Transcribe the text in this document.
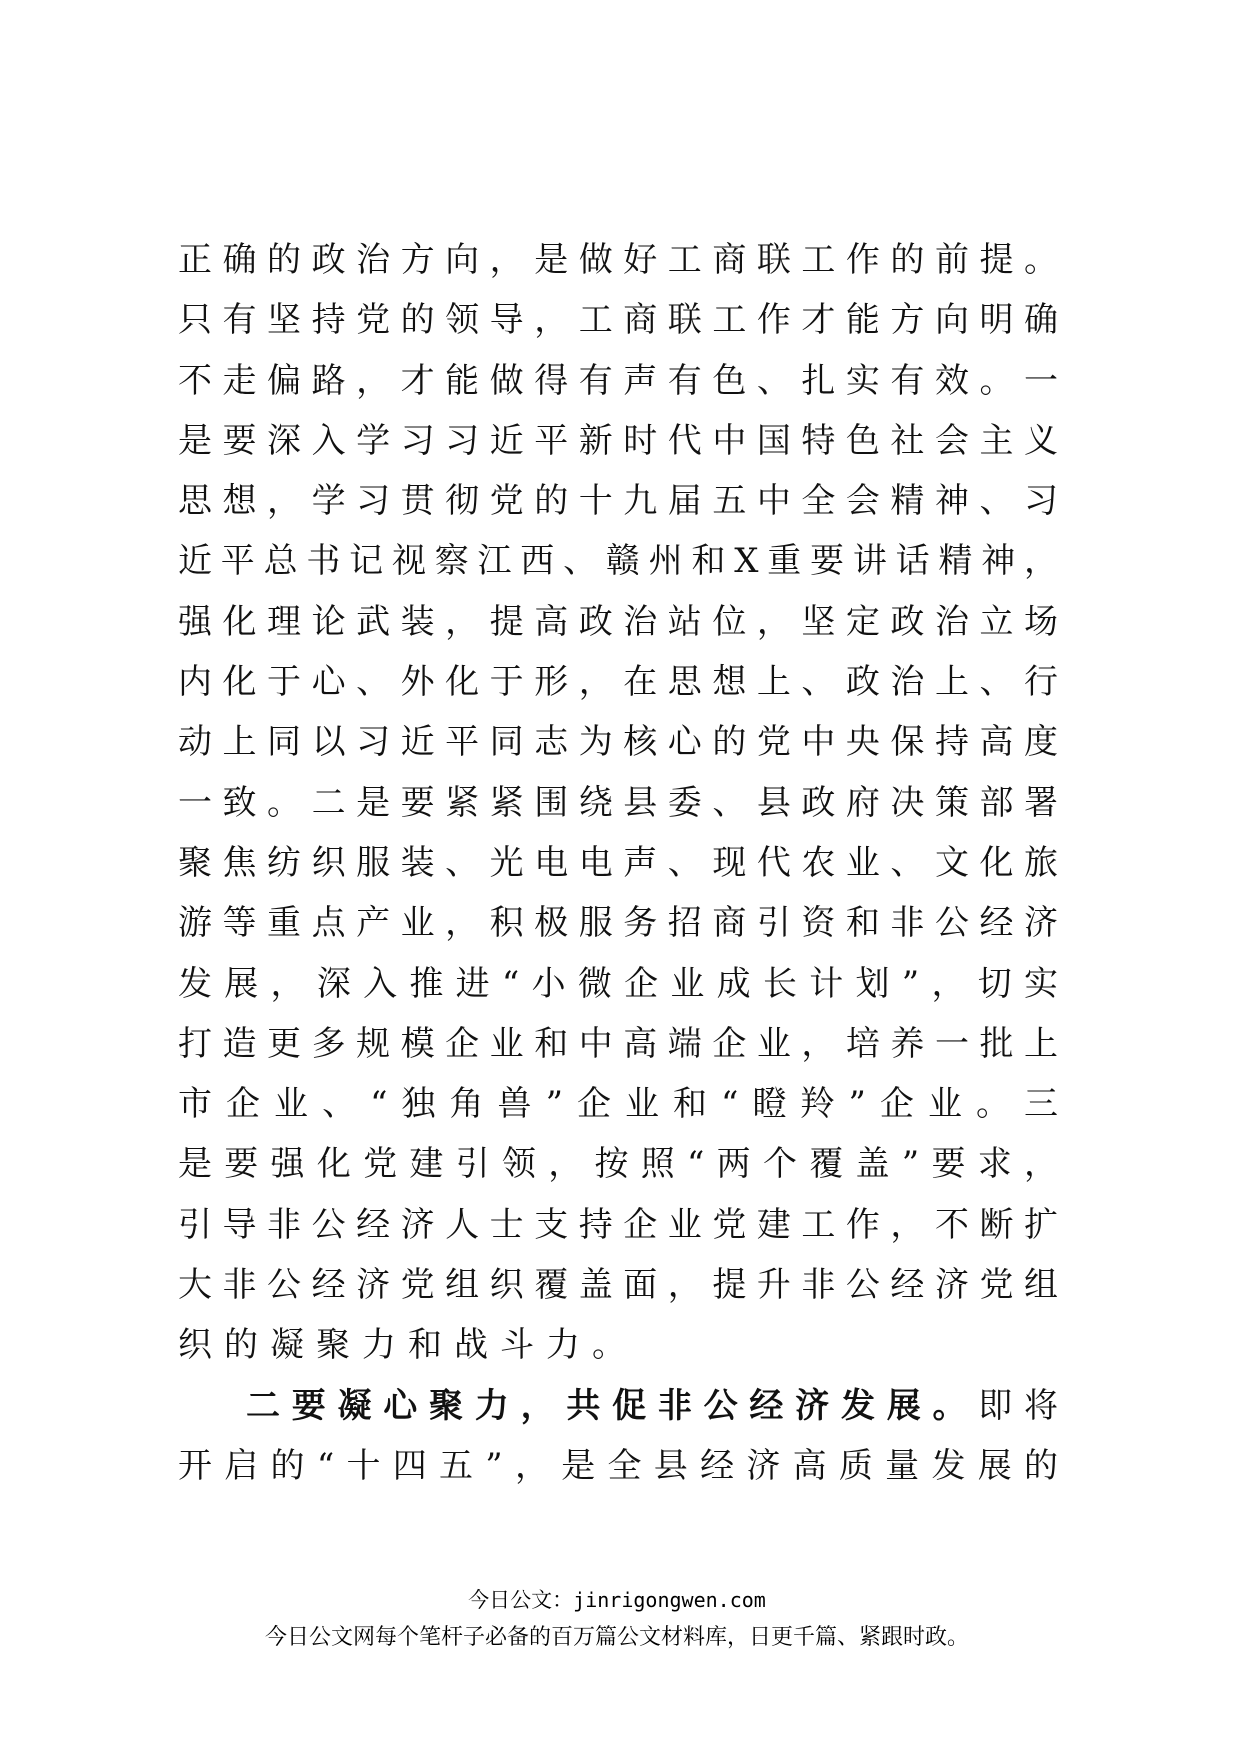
正确的政治方向，是做好工商联工作的前提。
只有坚持党的领导，工商联工作才能方向明确
不走偏路，才能做得有声有色、扎实有效。一
是要深入学习习近平新时代中国特色社会主义
思想，学习贯彻党的十九届五中全会精神、习
近平总书记视察江西、赣州和X重要讲话精神，
强化理论武装，提高政治站位，坚定政治立场
内化于心、外化于形，在思想上、政治上、行
动上同以习近平同志为核心的党中央保持高度
一致。二是要紧紧围绕县委、县政府决策部署
聚焦纺织服装、光电电声、现代农业、文化旅
游等重点产业，积极服务招商引资和非公经济
发展，深入推进“小微企业成长计划”，切实
打造更多规模企业和中高端企业，培养一批上
市企业、“独角兽”企业和“瞪羚”企业。三
是要强化党建引领，按照“两个覆盖”要求，
引导非公经济人士支持企业党建工作，不断扩
大非公经济党组织覆盖面，提升非公经济党组
织的凝聚力和战斗力。
二要凝心聚力，共促非公经济发展。即将
开启的“十四五”，是全县经济高质量发展的
今日公文：jinrigongwen.com
今日公文网每个笔杆子必备的百万篇公文材料库，日更千篇、紧跟时政。
